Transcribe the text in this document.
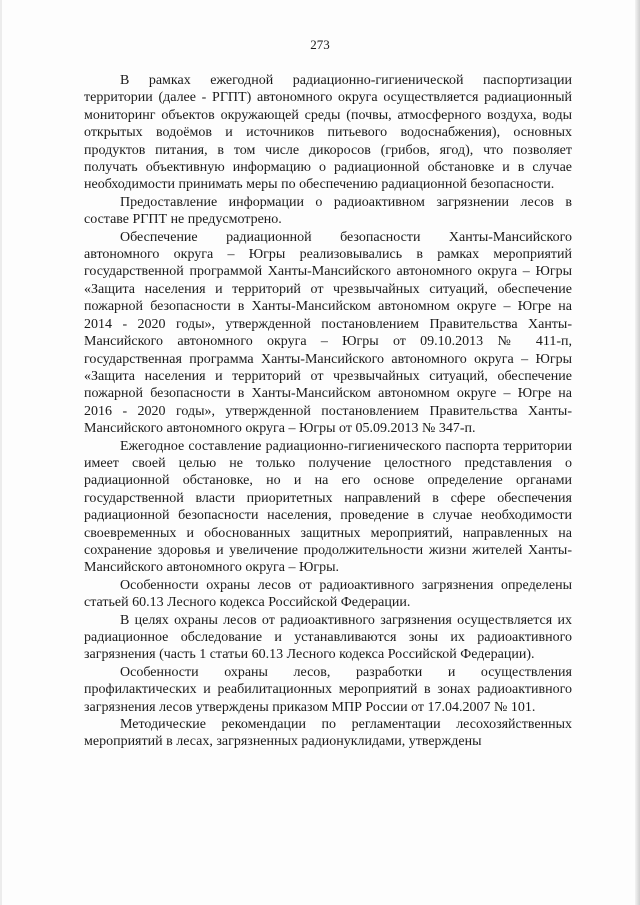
273

В рамках ежегодной радиационно-гигиенической паспортизации территории (далее - РГПТ) автономного округа осуществляется радиационный мониторинг объектов окружающей среды (почвы, атмосферного воздуха, воды открытых водоёмов и источников питьевого водоснабжения), основных продуктов питания, в том числе дикоросов (грибов, ягод), что позволяет получать объективную информацию о радиационной обстановке и в случае необходимости принимать меры по обеспечению радиационной безопасности.

Предоставление информации о радиоактивном загрязнении лесов в составе РГПТ не предусмотрено.

Обеспечение радиационной безопасности Ханты-Мансийского автономного округа – Югры реализовывались в рамках мероприятий государственной программой Ханты-Мансийского автономного округа – Югры «Защита населения и территорий от чрезвычайных ситуаций, обеспечение пожарной безопасности в Ханты-Мансийском автономном округе – Югре на 2014 - 2020 годы», утвержденной постановлением Правительства Ханты-Мансийского автономного округа – Югры от 09.10.2013 № 411-п, государственная программа Ханты-Мансийского автономного округа – Югры «Защита населения и территорий от чрезвычайных ситуаций, обеспечение пожарной безопасности в Ханты-Мансийском автономном округе – Югре на 2016 - 2020 годы», утвержденной постановлением Правительства Ханты-Мансийского автономного округа – Югры от 05.09.2013 № 347-п.

Ежегодное составление радиационно-гигиенического паспорта территории имеет своей целью не только получение целостного представления о радиационной обстановке, но и на его основе определение органами государственной власти приоритетных направлений в сфере обеспечения радиационной безопасности населения, проведение в случае необходимости своевременных и обоснованных защитных мероприятий, направленных на сохранение здоровья и увеличение продолжительности жизни жителей Ханты-Мансийского автономного округа – Югры.

Особенности охраны лесов от радиоактивного загрязнения определены статьей 60.13 Лесного кодекса Российской Федерации.

В целях охраны лесов от радиоактивного загрязнения осуществляется их радиационное обследование и устанавливаются зоны их радиоактивного загрязнения (часть 1 статьи 60.13 Лесного кодекса Российской Федерации).

Особенности охраны лесов, разработки и осуществления профилактических и реабилитационных мероприятий в зонах радиоактивного загрязнения лесов утверждены приказом МПР России от 17.04.2007 № 101.

Методические рекомендации по регламентации лесохозяйственных мероприятий в лесах, загрязненных радионуклидами, утверждены
